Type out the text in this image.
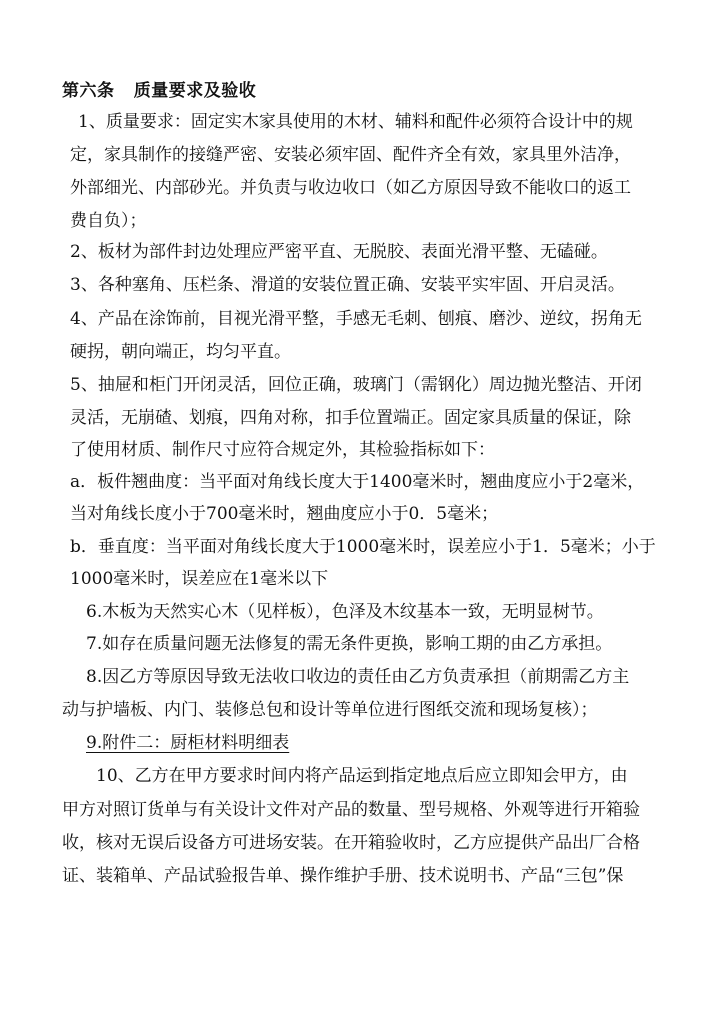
第六条   质量要求及验收
1、质量要求：固定实木家具使用的木材、辅料和配件必须符合设计中的规
定，家具制作的接缝严密、安装必须牢固、配件齐全有效，家具里外洁净，
外部细光、内部砂光。并负责与收边收口（如乙方原因导致不能收口的返工
费自负）；
2、板材为部件封边处理应严密平直、无脱胶、表面光滑平整、无磕碰。
3、各种塞角、压栏条、滑道的安装位置正确、安装平实牢固、开启灵活。
4、产品在涂饰前，目视光滑平整，手感无毛刺、刨痕、磨沙、逆纹，拐角无
硬拐，朝向端正，均匀平直。
5、抽屉和柜门开闭灵活，回位正确，玻璃门（需钢化）周边抛光整洁、开闭
灵活，无崩碴、划痕，四角对称，扣手位置端正。固定家具质量的保证，除
了使用材质、制作尺寸应符合规定外，其检验指标如下：
a．板件翘曲度：当平面对角线长度大于1400毫米时，翘曲度应小于2毫米，
当对角线长度小于700毫米时，翘曲度应小于0．5毫米；
b．垂直度：当平面对角线长度大于1000毫米时，误差应小于1．5毫米；小于
1000毫米时，误差应在1毫米以下
6.木板为天然实心木（见样板），色泽及木纹基本一致，无明显树节。
7.如存在质量问题无法修复的需无条件更换，影响工期的由乙方承担。
8.因乙方等原因导致无法收口收边的责任由乙方负责承担（前期需乙方主
动与护墙板、内门、装修总包和设计等单位进行图纸交流和现场复核）；
9.附件二：厨柜材料明细表
10、乙方在甲方要求时间内将产品运到指定地点后应立即知会甲方，由
甲方对照订货单与有关设计文件对产品的数量、型号规格、外观等进行开箱验
收，核对无误后设备方可进场安装。在开箱验收时，乙方应提供产品出厂合格
证、装箱单、产品试验报告单、操作维护手册、技术说明书、产品“三包”保
